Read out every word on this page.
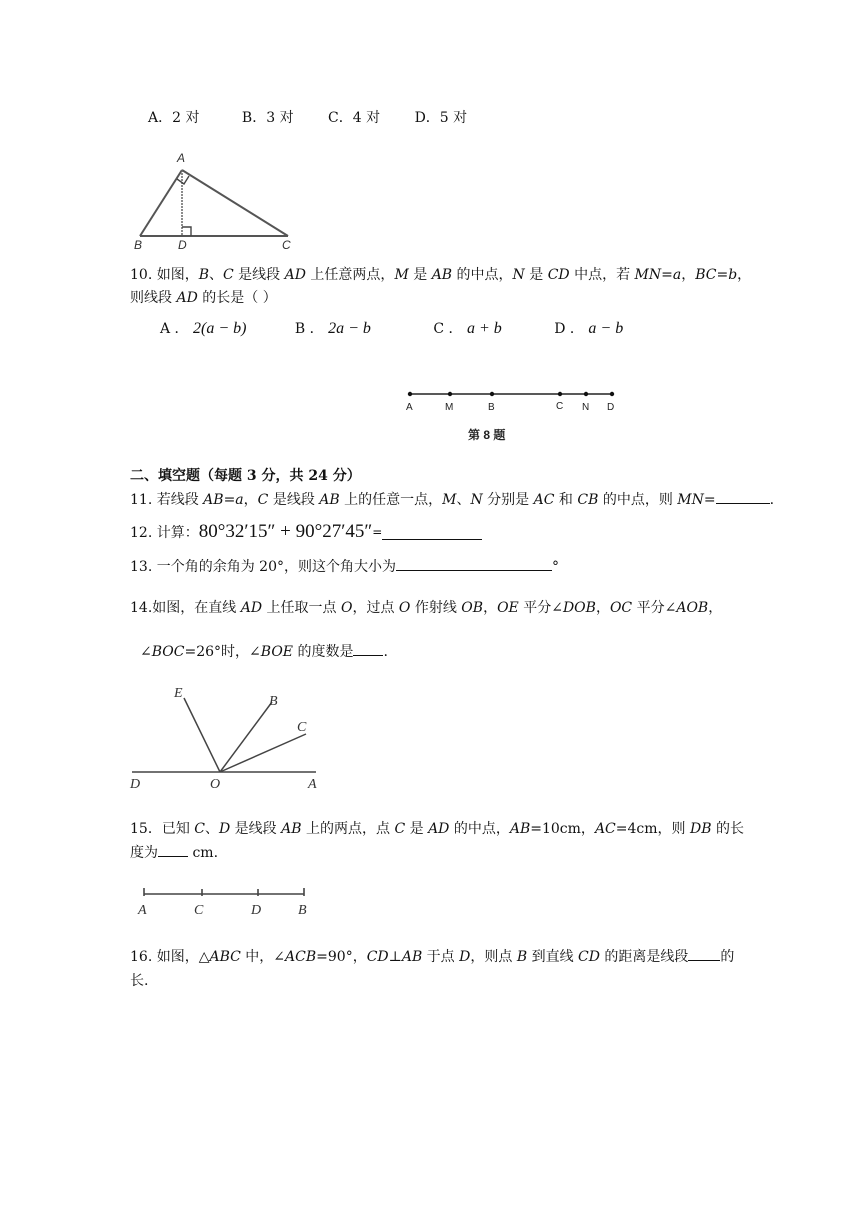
A．2 对	B．3 对 C．4 对 D．5 对
A
B	D	C
10. 如图，B、C 是线段 AD 上任意两点，M 是 AB 的中点，N 是 CD 中点，若 MN=a，BC=b，
则线段 AD 的长是（ ）
A ． 2(a − b)	B ． 2a − b	C ． a + b	D ． a − b
A	M	B	C N D
第 8 题
二、填空题（每题 3 分，共 24 分）
11. 若线段 AB=a，C 是线段 AB 上的任意一点，M、N 分别是 AC 和 CB 的中点，则 MN=	.
12. 计算：80°32′15″ + 90°27′45″=
13. 一个角的余角为 20°，则这个角大小为	°
14.如图，在直线 AD 上任取一点 O，过点 O 作射线 OB，OE 平分∠DOB，OC 平分∠AOB，
∠BOC=26°时，∠BOE 的度数是 .
E
B
C
D	O	A
15．已知 C、D 是线段 AB 上的两点，点 C 是 AD 的中点，AB=10cm，AC=4cm，则 DB 的长
度为 cm.
A	C	D	B
16. 如图，△ABC 中，∠ACB=90°，CD⊥AB 于点 D，则点 B 到直线 CD 的距离是线段 的
长.
